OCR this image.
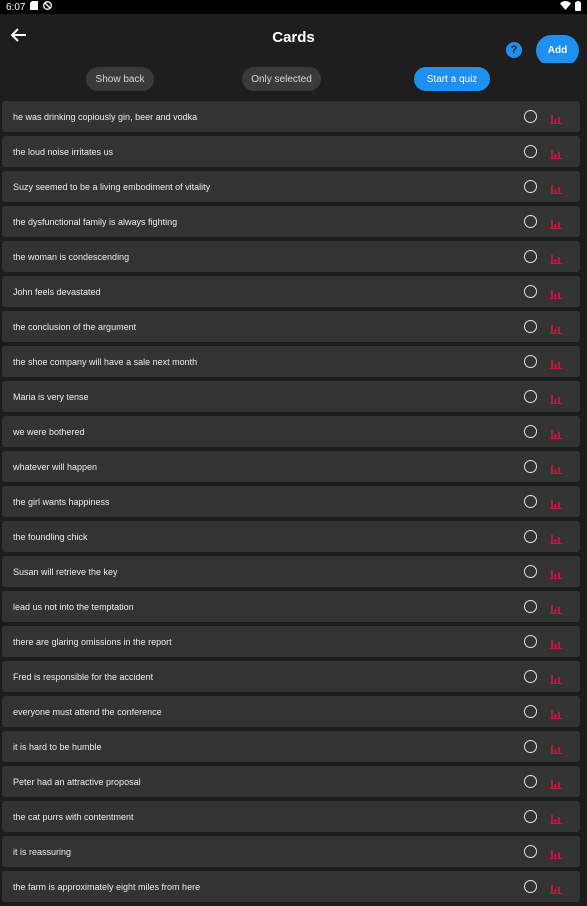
6:07
Cards
?	Add
Show back	Only selected	Start a quiz
he was drinking copiously gin, beer and vodka
the loud noise irritates us
Suzy seemed to be a living embodiment of vitality
the dysfunctional family is always fighting
the woman is condescending
John feels devastated
the conclusion of the argument
the shoe company will have a sale next month
Maria is very tense
we were bothered
whatever will happen
the girl wants happiness
the foundling chick
Susan will retrieve the key
lead us not into the temptation
there are glaring omissions in the report
Fred is responsible for the accident
everyone must attend the conference
it is hard to be humble
Peter had an attractive proposal
the cat purrs with contentment
it is reassuring
the farm is approximately eight miles from here
